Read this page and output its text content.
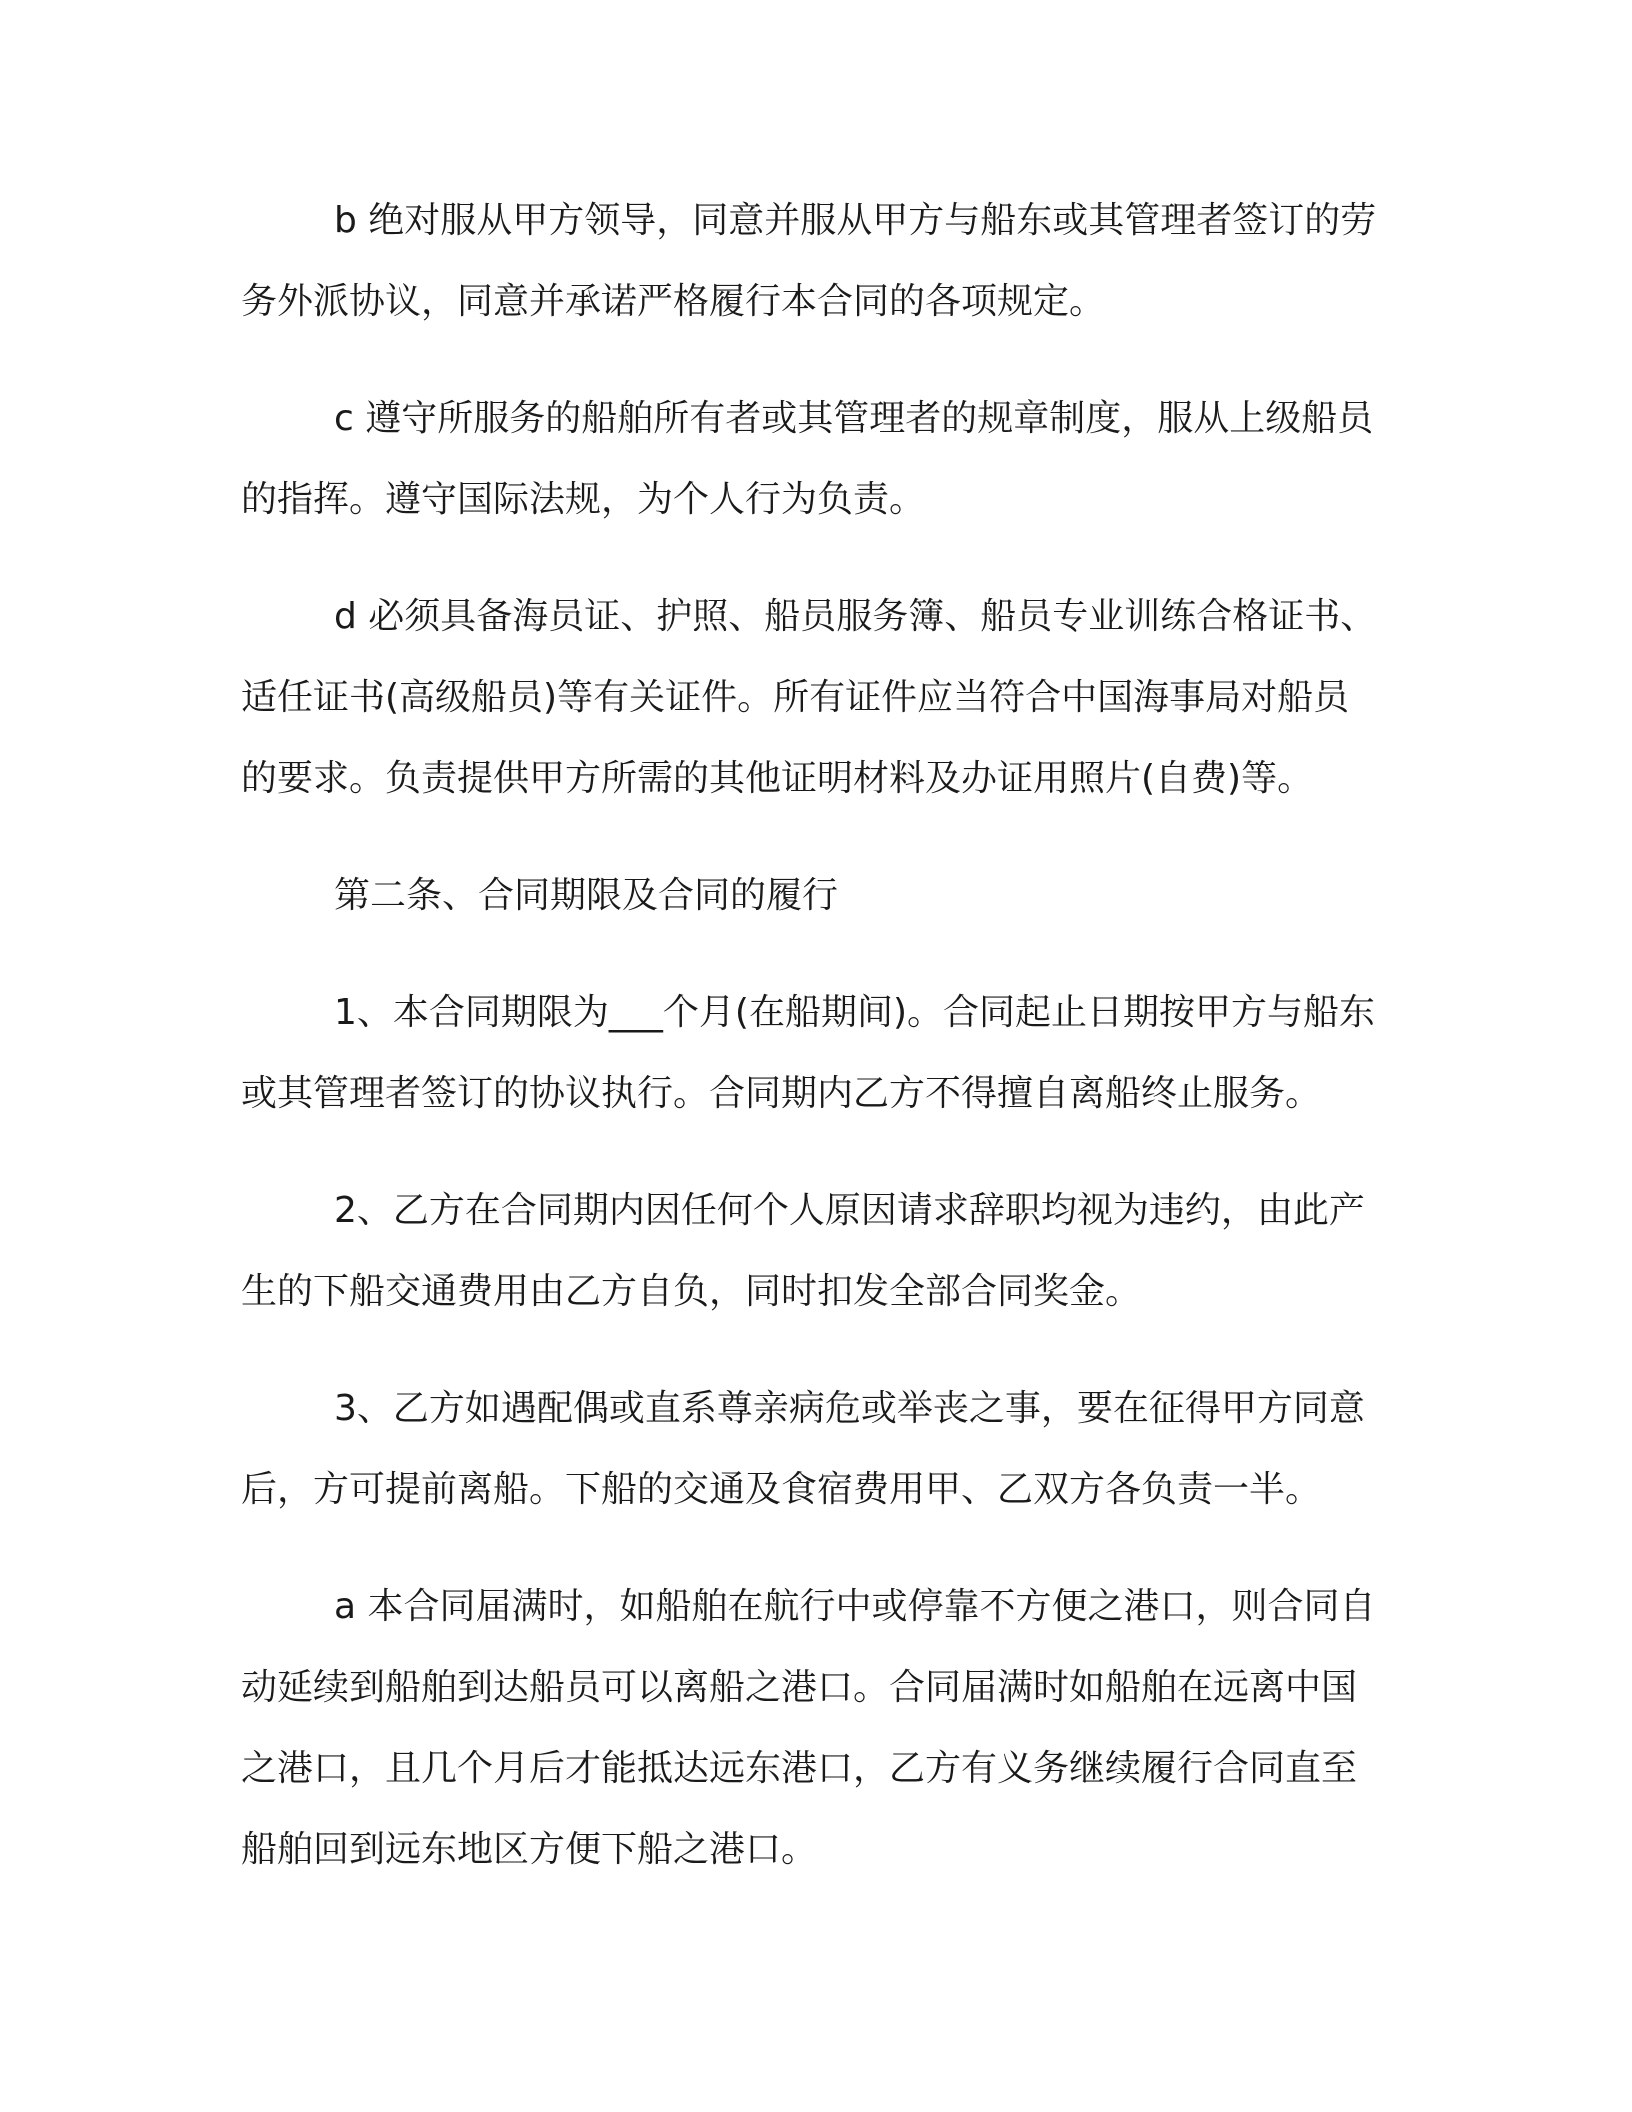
b 绝对服从甲方领导，同意并服从甲方与船东或其管理者签订的劳务外派协议，同意并承诺严格履行本合同的各项规定。

c 遵守所服务的船舶所有者或其管理者的规章制度，服从上级船员的指挥。遵守国际法规，为个人行为负责。

d 必须具备海员证、护照、船员服务簿、船员专业训练合格证书、适任证书(高级船员)等有关证件。所有证件应当符合中国海事局对船员的要求。负责提供甲方所需的其他证明材料及办证用照片(自费)等。

第二条、合同期限及合同的履行

1、本合同期限为___个月(在船期间)。合同起止日期按甲方与船东或其管理者签订的协议执行。合同期内乙方不得擅自离船终止服务。

2、乙方在合同期内因任何个人原因请求辞职均视为违约，由此产生的下船交通费用由乙方自负，同时扣发全部合同奖金。

3、乙方如遇配偶或直系尊亲病危或举丧之事，要在征得甲方同意后，方可提前离船。下船的交通及食宿费用甲、乙双方各负责一半。

a 本合同届满时，如船舶在航行中或停靠不方便之港口，则合同自动延续到船舶到达船员可以离船之港口。合同届满时如船舶在远离中国之港口，且几个月后才能抵达远东港口，乙方有义务继续履行合同直至船舶回到远东地区方便下船之港口。
